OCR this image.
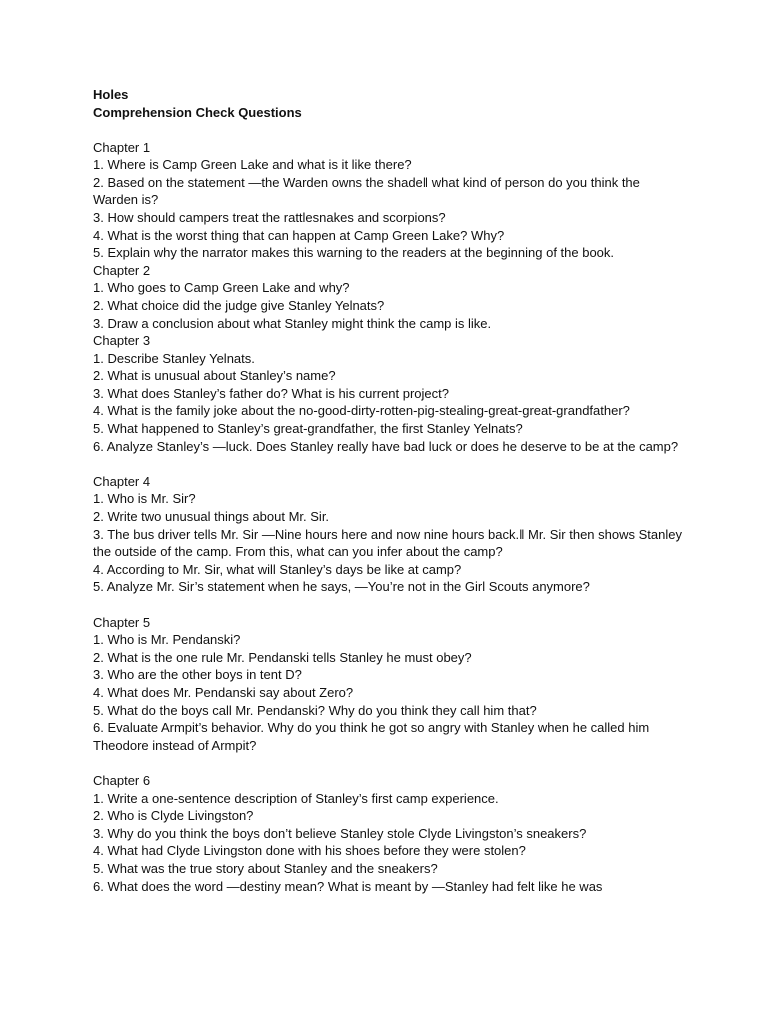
Holes

Comprehension Check Questions

Chapter 1

1. Where is Camp Green Lake and what is it like there?

2. Based on the statement ―the Warden owns the shade‖ what kind of person do you think the Warden is?

3. How should campers treat the rattlesnakes and scorpions?

4. What is the worst thing that can happen at Camp Green Lake? Why?

5. Explain why the narrator makes this warning to the readers at the beginning of the book.

Chapter 2

1. Who goes to Camp Green Lake and why?

2. What choice did the judge give Stanley Yelnats?

3. Draw a conclusion about what Stanley might think the camp is like.

Chapter 3

1. Describe Stanley Yelnats.

2. What is unusual about Stanley’s name?

3. What does Stanley’s father do? What is his current project?

4. What is the family joke about the no-good-dirty-rotten-pig-stealing-great-great-grandfather?

5. What happened to Stanley’s great-grandfather, the first Stanley Yelnats?

6. Analyze Stanley’s ―luck. Does Stanley really have bad luck or does he deserve to be at the camp?

Chapter 4

1. Who is Mr. Sir?

2. Write two unusual things about Mr. Sir.

3. The bus driver tells Mr. Sir ―Nine hours here and now nine hours back.‖ Mr. Sir then shows Stanley the outside of the camp. From this, what can you infer about the camp?

4. According to Mr. Sir, what will Stanley’s days be like at camp?

5. Analyze Mr. Sir’s statement when he says, ―You’re not in the Girl Scouts anymore?

Chapter 5

1. Who is Mr. Pendanski?

2. What is the one rule Mr. Pendanski tells Stanley he must obey?

3. Who are the other boys in tent D?

4. What does Mr. Pendanski say about Zero?

5. What do the boys call Mr. Pendanski? Why do you think they call him that?

6. Evaluate Armpit’s behavior. Why do you think he got so angry with Stanley when he called him Theodore instead of Armpit?

Chapter 6

1. Write a one-sentence description of Stanley’s first camp experience.

2. Who is Clyde Livingston?

3. Why do you think the boys don’t believe Stanley stole Clyde Livingston’s sneakers?

4. What had Clyde Livingston done with his shoes before they were stolen?

5. What was the true story about Stanley and the sneakers?

6. What does the word ―destiny mean? What is meant by ―Stanley had felt like he was
